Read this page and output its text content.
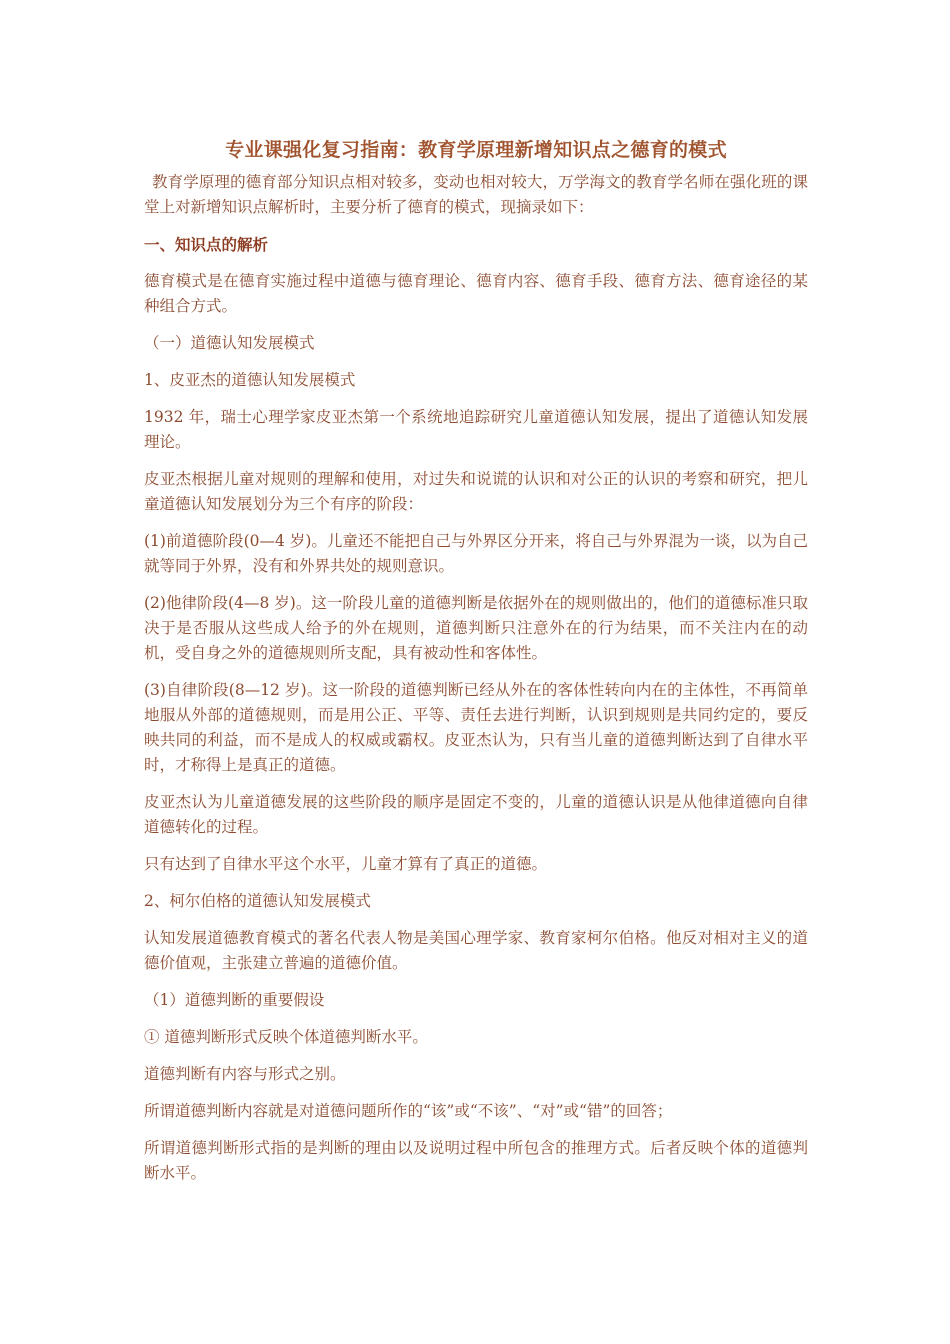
专业课强化复习指南：教育学原理新增知识点之德育的模式

教育学原理的德育部分知识点相对较多，变动也相对较大，万学海文的教育学名师在强化班的课堂上对新增知识点解析时，主要分析了德育的模式，现摘录如下：

一、知识点的解析

德育模式是在德育实施过程中道德与德育理论、德育内容、德育手段、德育方法、德育途径的某种组合方式。

（一）道德认知发展模式

1、皮亚杰的道德认知发展模式

1932 年，瑞士心理学家皮亚杰第一个系统地追踪研究儿童道德认知发展，提出了道德认知发展理论。

皮亚杰根据儿童对规则的理解和使用，对过失和说谎的认识和对公正的认识的考察和研究，把儿童道德认知发展划分为三个有序的阶段：

(1)前道德阶段(0—4 岁)。儿童还不能把自己与外界区分开来，将自己与外界混为一谈，以为自己就等同于外界，没有和外界共处的规则意识。

(2)他律阶段(4—8 岁)。这一阶段儿童的道德判断是依据外在的规则做出的，他们的道德标准只取决于是否服从这些成人给予的外在规则，道德判断只注意外在的行为结果，而不关注内在的动机，受自身之外的道德规则所支配，具有被动性和客体性。

(3)自律阶段(8—12 岁)。这一阶段的道德判断已经从外在的客体性转向内在的主体性，不再简单地服从外部的道德规则，而是用公正、平等、责任去进行判断，认识到规则是共同约定的，要反映共同的利益，而不是成人的权威或霸权。皮亚杰认为，只有当儿童的道德判断达到了自律水平时，才称得上是真正的道德。

皮亚杰认为儿童道德发展的这些阶段的顺序是固定不变的，儿童的道德认识是从他律道德向自律道德转化的过程。

只有达到了自律水平这个水平，儿童才算有了真正的道德。

2、柯尔伯格的道德认知发展模式

认知发展道德教育模式的著名代表人物是美国心理学家、教育家柯尔伯格。他反对相对主义的道德价值观，主张建立普遍的道德价值。

（1）道德判断的重要假设

① 道德判断形式反映个体道德判断水平。

道德判断有内容与形式之别。

所谓道德判断内容就是对道德问题所作的“该”或“不该”、“对”或“错”的回答；

所谓道德判断形式指的是判断的理由以及说明过程中所包含的推理方式。后者反映个体的道德判断水平。
